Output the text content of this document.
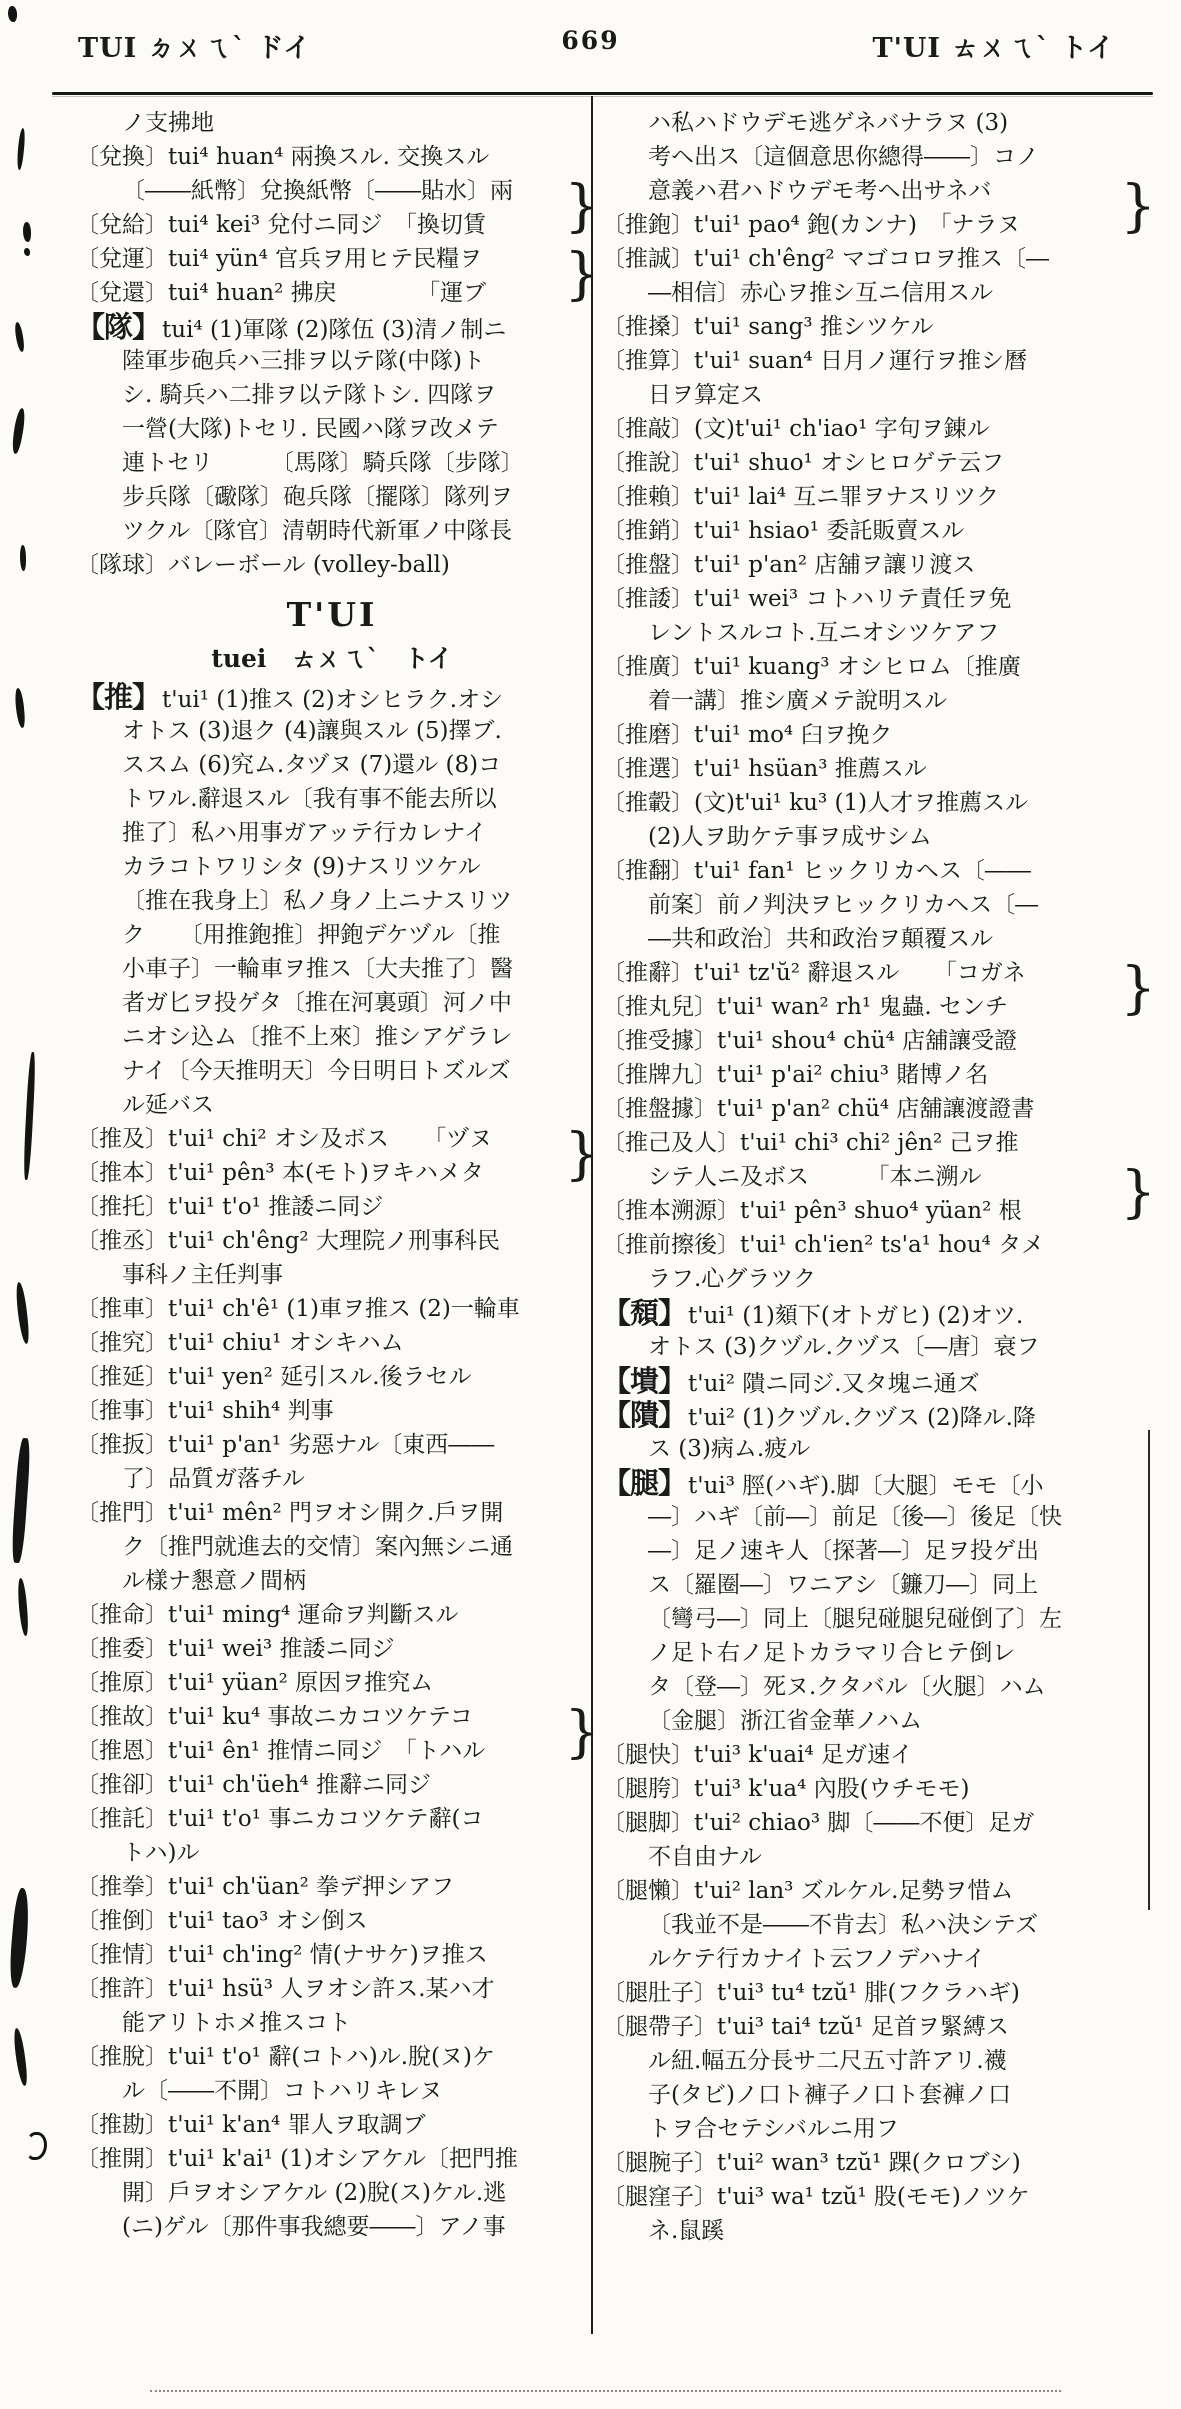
TUI ㄉㄨㄟˋ ドイ	669	T'UI ㄊㄨㄟˋ トイ
ノ支拂地
〔兌換〕tui⁴ huan⁴ 兩換スル. 交換スル
〔――紙幣〕兌換紙幣〔――貼水〕兩 }
〔兌給〕tui⁴ kei³ 兌付ニ同ジ　「換切賃
〔兌運〕tui⁴ yün⁴ 官兵ヲ用ヒテ民糧ヲ }
〔兌還〕tui⁴ huan² 拂戻　　　　「運ブ
【隊】tui⁴ (1)軍隊 (2)隊伍 (3)清ノ制ニ
陸軍步砲兵ハ三排ヲ以テ隊(中隊)ト
シ. 騎兵ハ二排ヲ以テ隊トシ. 四隊ヲ
一營(大隊)トセリ. 民國ハ隊ヲ改メテ
連トセリ　　　〔馬隊〕騎兵隊〔步隊〕
步兵隊〔礮隊〕砲兵隊〔擺隊〕隊列ヲ
ツクル〔隊官〕清朝時代新軍ノ中隊長
〔隊球〕バレーボール (volley-ball)
T'UI
tuei　ㄊㄨㄟˋ　トイ
【推】t'ui¹ (1)推ス (2)オシヒラク.オシ
オトス (3)退ク (4)讓與スル (5)擇ブ.
ススム (6)究ム.タヅヌ (7)還ル (8)コ
トワル.辭退スル〔我有事不能去所以
推了〕私ハ用事ガアッテ行カレナイ
カラコトワリシタ (9)ナスリツケル
〔推在我身上〕私ノ身ノ上ニナスリツ
ク　　〔用推鉋推〕押鉋デケヅル〔推
小車子〕一輪車ヲ推ス〔大夫推了〕醫
者ガ匕ヲ投ゲタ〔推在河裏頭〕河ノ中
ニオシ込ム〔推不上來〕推シアゲラレ
ナイ〔今天推明天〕今日明日トズルズ
ル延バス
〔推及〕t'ui¹ chi² オシ及ボス　　「ヅヌ }
〔推本〕t'ui¹ pên³ 本(モト)ヲキハメタ
〔推托〕t'ui¹ t'o¹ 推諉ニ同ジ
〔推丞〕t'ui¹ ch'êng² 大理院ノ刑事科民
事科ノ主任判事
〔推車〕t'ui¹ ch'ê¹ (1)車ヲ推ス (2)一輪車
〔推究〕t'ui¹ chiu¹ オシキハム
〔推延〕t'ui¹ yen² 延引スル.後ラセル
〔推事〕t'ui¹ shih⁴ 判事
〔推扳〕t'ui¹ p'an¹ 劣惡ナル〔東西――
了〕品質ガ落チル
〔推門〕t'ui¹ mên² 門ヲオシ開ク.戶ヲ開
ク〔推門就進去的交情〕案內無シニ通
ル樣ナ懇意ノ間柄
〔推命〕t'ui¹ ming⁴ 運命ヲ判斷スル
〔推委〕t'ui¹ wei³ 推諉ニ同ジ
〔推原〕t'ui¹ yüan² 原因ヲ推究ム
〔推故〕t'ui¹ ku⁴ 事故ニカコツケテコ }
〔推恩〕t'ui¹ ên¹ 推情ニ同ジ　「トハル
〔推卻〕t'ui¹ ch'üeh⁴ 推辭ニ同ジ
〔推託〕t'ui¹ t'o¹ 事ニカコツケテ辭(コ
トハ)ル
〔推拳〕t'ui¹ ch'üan² 拳デ押シアフ
〔推倒〕t'ui¹ tao³ オシ倒ス
〔推情〕t'ui¹ ch'ing² 情(ナサケ)ヲ推ス
〔推許〕t'ui¹ hsü³ 人ヲオシ許ス.某ハ才
能アリトホメ推スコト
〔推脫〕t'ui¹ t'o¹ 辭(コトハ)ル.脫(ヌ)ケ
ル〔――不開〕コトハリキレヌ
〔推勘〕t'ui¹ k'an⁴ 罪人ヲ取調ブ
〔推開〕t'ui¹ k'ai¹ (1)オシアケル〔把門推
開〕戶ヲオシアケル (2)脫(ス)ケル.逃
(ニ)ゲル〔那件事我總要――〕アノ事
ハ私ハドウデモ逃ゲネバナラヌ (3)
考ヘ出ス〔這個意思你總得――〕コノ
意義ハ君ハドウデモ考ヘ出サネバ }
〔推鉋〕t'ui¹ pao⁴ 鉋(カンナ)　「ナラヌ
〔推誠〕t'ui¹ ch'êng² マゴコロヲ推ス〔―
―相信〕赤心ヲ推シ互ニ信用スル
〔推搡〕t'ui¹ sang³ 推シツケル
〔推算〕t'ui¹ suan⁴ 日月ノ運行ヲ推シ曆
日ヲ算定ス
〔推敲〕(文)t'ui¹ ch'iao¹ 字句ヲ錬ル
〔推說〕t'ui¹ shuo¹ オシヒロゲテ云フ
〔推賴〕t'ui¹ lai⁴ 互ニ罪ヲナスリツク
〔推銷〕t'ui¹ hsiao¹ 委託販賣スル
〔推盤〕t'ui¹ p'an² 店舖ヲ讓リ渡ス
〔推諉〕t'ui¹ wei³ コトハリテ責任ヲ免
レントスルコト.互ニオシツケアフ
〔推廣〕t'ui¹ kuang³ オシヒロム〔推廣
着一講〕推シ廣メテ說明スル
〔推磨〕t'ui¹ mo⁴ 臼ヲ挽ク
〔推選〕t'ui¹ hsüan³ 推薦スル
〔推轂〕(文)t'ui¹ ku³ (1)人才ヲ推薦スル
(2)人ヲ助ケテ事ヲ成サシム
〔推翻〕t'ui¹ fan¹ ヒックリカヘス〔――
前案〕前ノ判決ヲヒックリカヘス〔―
―共和政治〕共和政治ヲ顛覆スル
〔推辭〕t'ui¹ tz'ŭ² 辭退スル　　「コガネ }
〔推丸兒〕t'ui¹ wan² rh¹ 鬼蟲. センチ
〔推受據〕t'ui¹ shou⁴ chü⁴ 店舖讓受證
〔推牌九〕t'ui¹ p'ai² chiu³ 賭博ノ名
〔推盤據〕t'ui¹ p'an² chü⁴ 店舖讓渡證書
〔推己及人〕t'ui¹ chi³ chi² jên² 己ヲ推
シテ人ニ及ボス　　　「本ニ溯ル }
〔推本溯源〕t'ui¹ pên³ shuo⁴ yüan² 根
〔推前擦後〕t'ui¹ ch'ien² ts'a¹ hou⁴ タメ
ラフ.心グラツク
【頹】t'ui¹ (1)頦下(オトガヒ) (2)オツ.
オトス (3)クヅル.クヅス〔―唐〕衰フ
【墤】t'ui² 隤ニ同ジ.又タ塊ニ通ズ
【隤】t'ui² (1)クヅル.クヅス (2)降ル.降
ス (3)病ム.疲ル
【腿】t'ui³ 脛(ハギ).脚〔大腿〕モモ〔小
―〕ハギ〔前―〕前足〔後―〕後足〔快
―〕足ノ速キ人〔探著―〕足ヲ投ゲ出
ス〔羅圈―〕ワニアシ〔鐮刀―〕同上
〔彎弓―〕同上〔腿兒碰腿兒碰倒了〕左
ノ足ト右ノ足トカラマリ合ヒテ倒レ
タ〔登―〕死ヌ.クタバル〔火腿〕ハム
〔金腿〕浙江省金華ノハム
〔腿快〕t'ui³ k'uai⁴ 足ガ速イ
〔腿胯〕t'ui³ k'ua⁴ 內股(ウチモモ)
〔腿脚〕t'ui² chiao³ 脚〔――不便〕足ガ
不自由ナル
〔腿懶〕t'ui² lan³ ズルケル.足勢ヲ惜ム
〔我並不是――不肯去〕私ハ決シテズ
ルケテ行カナイト云フノデハナイ
〔腿肚子〕t'ui³ tu⁴ tzŭ¹ 腓(フクラハギ)
〔腿帶子〕t'ui³ tai⁴ tzŭ¹ 足首ヲ緊縛ス
ル紐.幅五分長サ二尺五寸許アリ.襪
子(タビ)ノ口ト褲子ノ口ト套褲ノ口
トヲ合セテシバルニ用フ
〔腿腕子〕t'ui² wan³ tzŭ¹ 踝(クロブシ)
〔腿窪子〕t'ui³ wa¹ tzŭ¹ 股(モモ)ノツケ
ネ.鼠蹊
